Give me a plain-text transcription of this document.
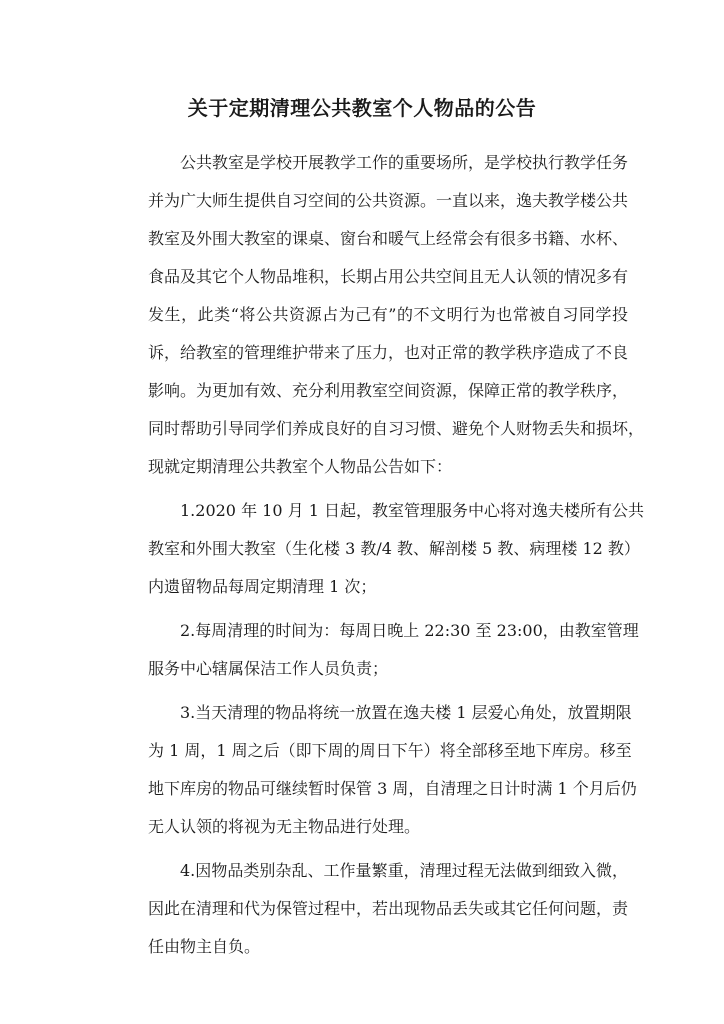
关于定期清理公共教室个人物品的公告
公共教室是学校开展教学工作的重要场所，是学校执行教学任务
并为广大师生提供自习空间的公共资源。一直以来，逸夫教学楼公共
教室及外围大教室的课桌、窗台和暖气上经常会有很多书籍、水杯、
食品及其它个人物品堆积，长期占用公共空间且无人认领的情况多有
发生，此类“将公共资源占为己有”的不文明行为也常被自习同学投
诉，给教室的管理维护带来了压力，也对正常的教学秩序造成了不良
影响。为更加有效、充分利用教室空间资源，保障正常的教学秩序，
同时帮助引导同学们养成良好的自习习惯、避免个人财物丢失和损坏，
现就定期清理公共教室个人物品公告如下：
1.2020 年 10 月 1 日起，教室管理服务中心将对逸夫楼所有公共
教室和外围大教室（生化楼 3 教/4 教、解剖楼 5 教、病理楼 12 教）
内遗留物品每周定期清理 1 次；
2.每周清理的时间为：每周日晚上 22:30 至 23:00，由教室管理
服务中心辖属保洁工作人员负责；
3.当天清理的物品将统一放置在逸夫楼 1 层爱心角处，放置期限
为 1 周，1 周之后（即下周的周日下午）将全部移至地下库房。移至
地下库房的物品可继续暂时保管 3 周，自清理之日计时满 1 个月后仍
无人认领的将视为无主物品进行处理。
4.因物品类别杂乱、工作量繁重，清理过程无法做到细致入微，
因此在清理和代为保管过程中，若出现物品丢失或其它任何问题，责
任由物主自负。
